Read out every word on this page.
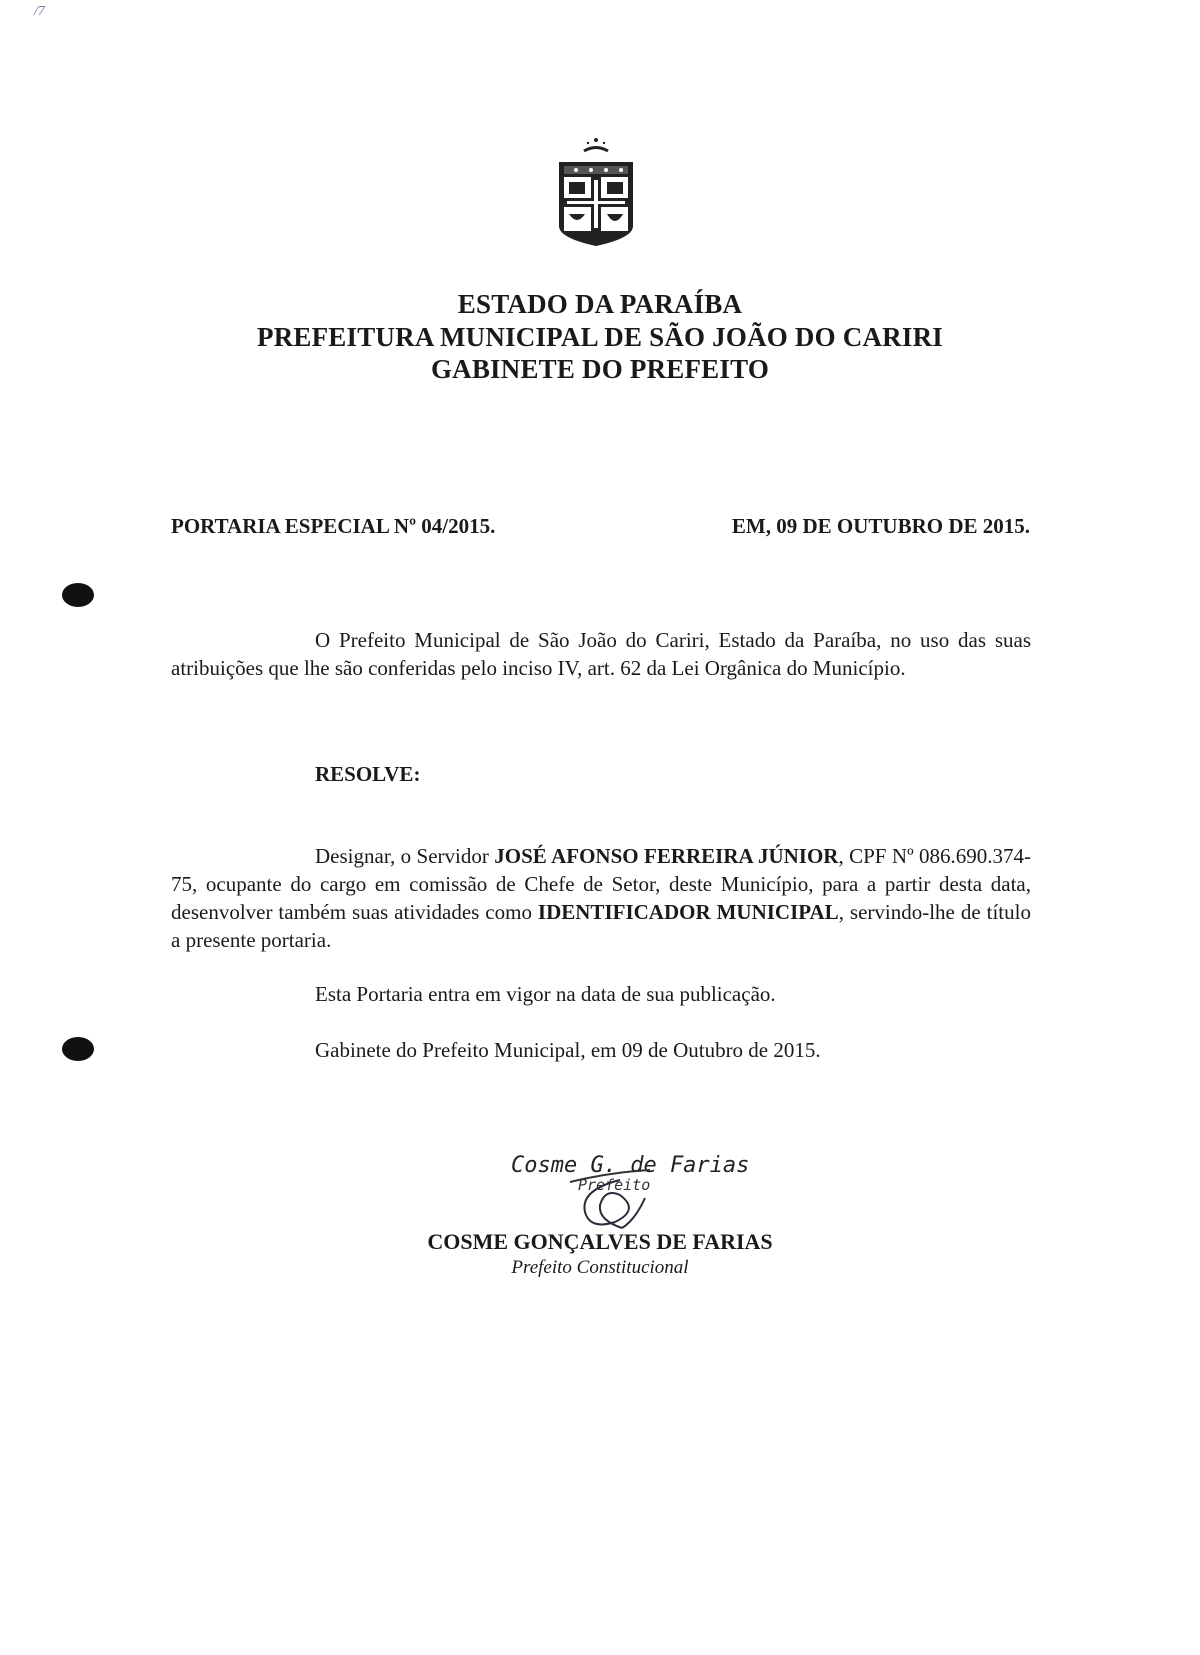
/7
ESTADO DA PARAÍBA
PREFEITURA MUNICIPAL DE SÃO JOÃO DO CARIRI
GABINETE DO PREFEITO
PORTARIA ESPECIAL Nº 04/2015.	EM, 09 DE OUTUBRO DE 2015.
O Prefeito Municipal de São João do Cariri, Estado da Paraíba, no uso das suas atribuições que lhe são conferidas pelo inciso IV, art. 62 da Lei Orgânica do Município.
RESOLVE:
Designar, o Servidor JOSÉ AFONSO FERREIRA JÚNIOR, CPF Nº 086.690.374-75, ocupante do cargo em comissão de Chefe de Setor, deste Município, para a partir desta data, desenvolver também suas atividades como IDENTIFICADOR MUNICIPAL, servindo-lhe de título a presente portaria.
Esta Portaria entra em vigor na data de sua publicação.
Gabinete do Prefeito Municipal, em 09 de Outubro de 2015.
Cosme G. de Farias
Prefeito
COSME GONÇALVES DE FARIAS
Prefeito Constitucional
